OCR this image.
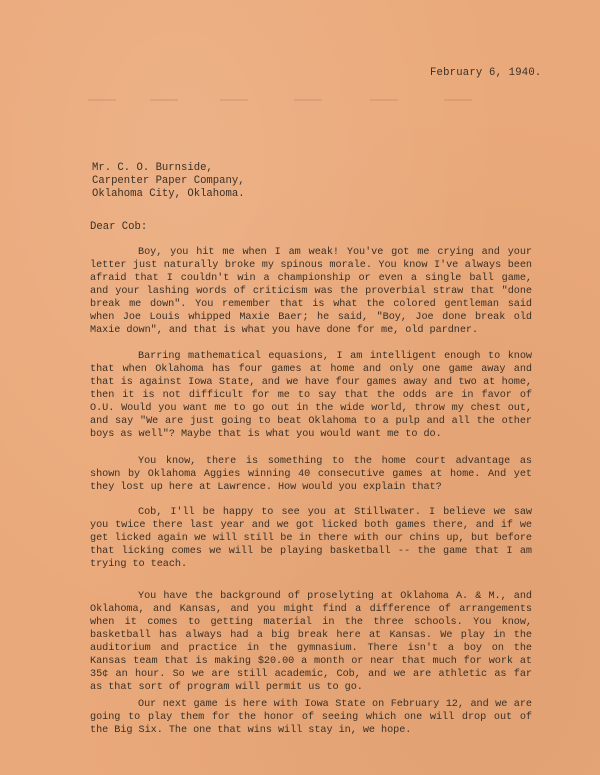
February 6, 1940.
Mr. C. O. Burnside,
Carpenter Paper Company,
Oklahoma City, Oklahoma.
Dear Cob:
Boy, you hit me when I am weak! You've got me crying and your letter just naturally broke my spinous morale. You know I've always been afraid that I couldn't win a championship or even a single ball game, and your lashing words of criticism was the proverbial straw that "done break me down". You remember that is what the colored gentleman said when Joe Louis whipped Maxie Baer; he said, "Boy, Joe done break old Maxie down", and that is what you have done for me, old pardner.
Barring mathematical equasions, I am intelligent enough to know that when Oklahoma has four games at home and only one game away and that is against Iowa State, and we have four games away and two at home, then it is not difficult for me to say that the odds are in favor of O.U. Would you want me to go out in the wide world, throw my chest out, and say "We are just going to beat Oklahoma to a pulp and all the other boys as well"? Maybe that is what you would want me to do.
You know, there is something to the home court advantage as shown by Oklahoma Aggies winning 40 consecutive games at home. And yet they lost up here at Lawrence. How would you explain that?
Cob, I'll be happy to see you at Stillwater. I believe we saw you twice there last year and we got licked both games there, and if we get licked again we will still be in there with our chins up, but before that licking comes we will be playing basketball -- the game that I am trying to teach.
You have the background of proselyting at Oklahoma A. & M., and Oklahoma, and Kansas, and you might find a difference of arrangements when it comes to getting material in the three schools. You know, basketball has always had a big break here at Kansas. We play in the auditorium and practice in the gymnasium. There isn't a boy on the Kansas team that is making $20.00 a month or near that much for work at 35¢ an hour. So we are still academic, Cob, and we are athletic as far as that sort of program will permit us to go.
Our next game is here with Iowa State on February 12, and we are going to play them for the honor of seeing which one will drop out of the Big Six. The one that wins will stay in, we hope.
